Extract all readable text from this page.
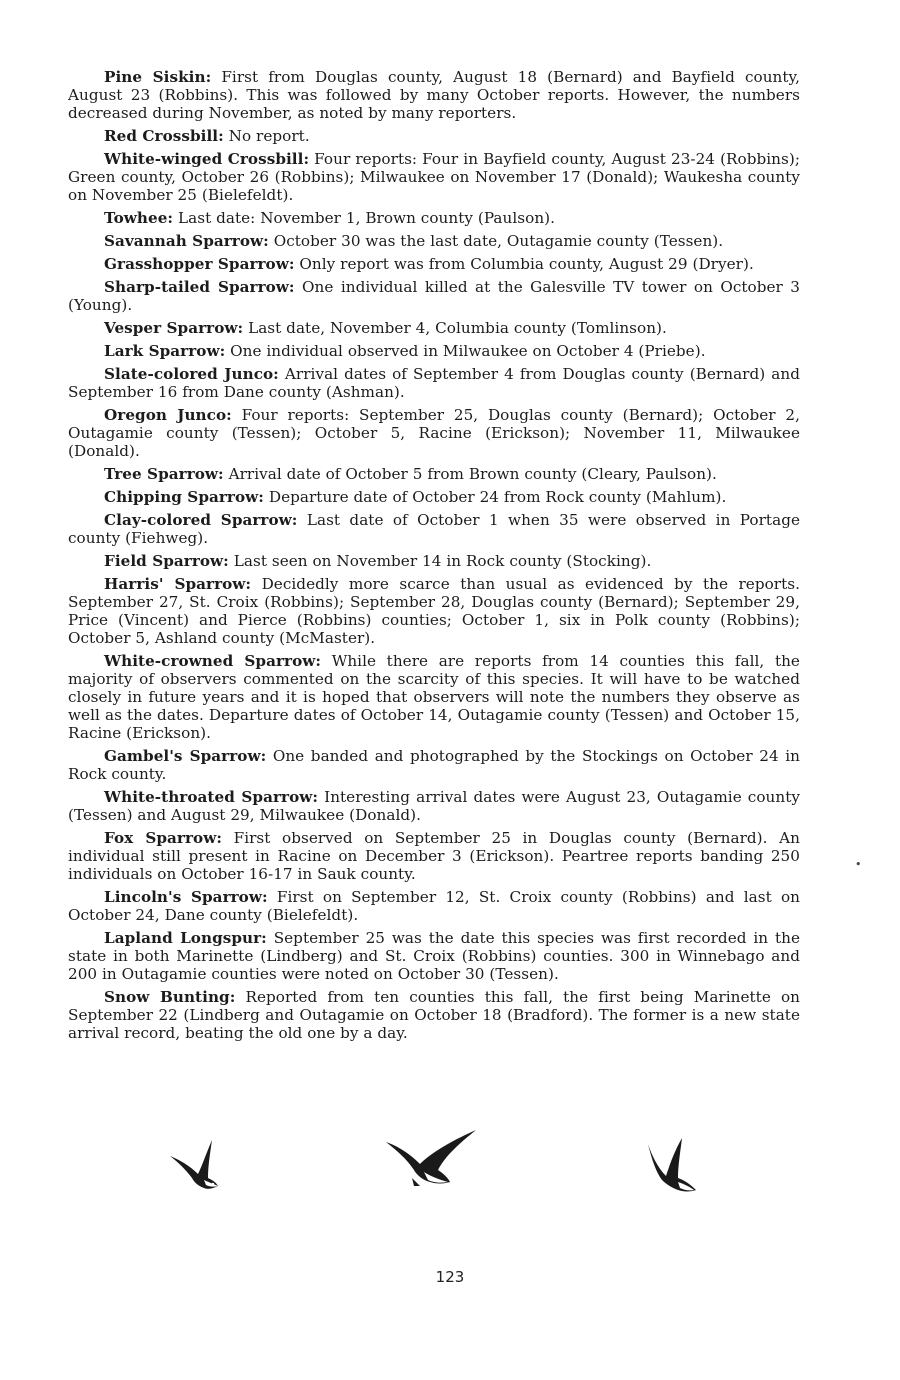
Pine Siskin: First from Douglas county, August 18 (Bernard) and Bayfield county, August 23 (Robbins). This was followed by many October reports. However, the numbers decreased during November, as noted by many reporters.

Red Crossbill: No report.

White-winged Crossbill: Four reports: Four in Bayfield county, August 23-24 (Robbins); Green county, October 26 (Robbins); Milwaukee on November 17 (Donald); Waukesha county on November 25 (Bielefeldt).

Towhee: Last date: November 1, Brown county (Paulson).

Savannah Sparrow: October 30 was the last date, Outagamie county (Tessen).

Grasshopper Sparrow: Only report was from Columbia county, August 29 (Dryer).

Sharp-tailed Sparrow: One individual killed at the Galesville TV tower on October 3 (Young).

Vesper Sparrow: Last date, November 4, Columbia county (Tomlinson).

Lark Sparrow: One individual observed in Milwaukee on October 4 (Priebe).

Slate-colored Junco: Arrival dates of September 4 from Douglas county (Bernard) and September 16 from Dane county (Ashman).

Oregon Junco: Four reports: September 25, Douglas county (Bernard); October 2, Outagamie county (Tessen); October 5, Racine (Erickson); November 11, Milwaukee (Donald).

Tree Sparrow: Arrival date of October 5 from Brown county (Cleary, Paulson).

Chipping Sparrow: Departure date of October 24 from Rock county (Mahlum).

Clay-colored Sparrow: Last date of October 1 when 35 were observed in Portage county (Fiehweg).

Field Sparrow: Last seen on November 14 in Rock county (Stocking).

Harris' Sparrow: Decidedly more scarce than usual as evidenced by the reports. September 27, St. Croix (Robbins); September 28, Douglas county (Bernard); September 29, Price (Vincent) and Pierce (Robbins) counties; October 1, six in Polk county (Robbins); October 5, Ashland county (McMaster).

White-crowned Sparrow: While there are reports from 14 counties this fall, the majority of observers commented on the scarcity of this species. It will have to be watched closely in future years and it is hoped that observers will note the numbers they observe as well as the dates. Departure dates of October 14, Outagamie county (Tessen) and October 15, Racine (Erickson).

Gambel's Sparrow: One banded and photographed by the Stockings on October 24 in Rock county.

White-throated Sparrow: Interesting arrival dates were August 23, Outagamie county (Tessen) and August 29, Milwaukee (Donald).

Fox Sparrow: First observed on September 25 in Douglas county (Bernard). An individual still present in Racine on December 3 (Erickson). Peartree reports banding 250 individuals on October 16-17 in Sauk county.

Lincoln's Sparrow: First on September 12, St. Croix county (Robbins) and last on October 24, Dane county (Bielefeldt).

Lapland Longspur: September 25 was the date this species was first recorded in the state in both Marinette (Lindberg) and St. Croix (Robbins) counties. 300 in Winnebago and 200 in Outagamie counties were noted on October 30 (Tessen).

Snow Bunting: Reported from ten counties this fall, the first being Marinette on September 22 (Lindberg and Outagamie on October 18 (Bradford). The former is a new state arrival record, beating the old one by a day.

•
123
